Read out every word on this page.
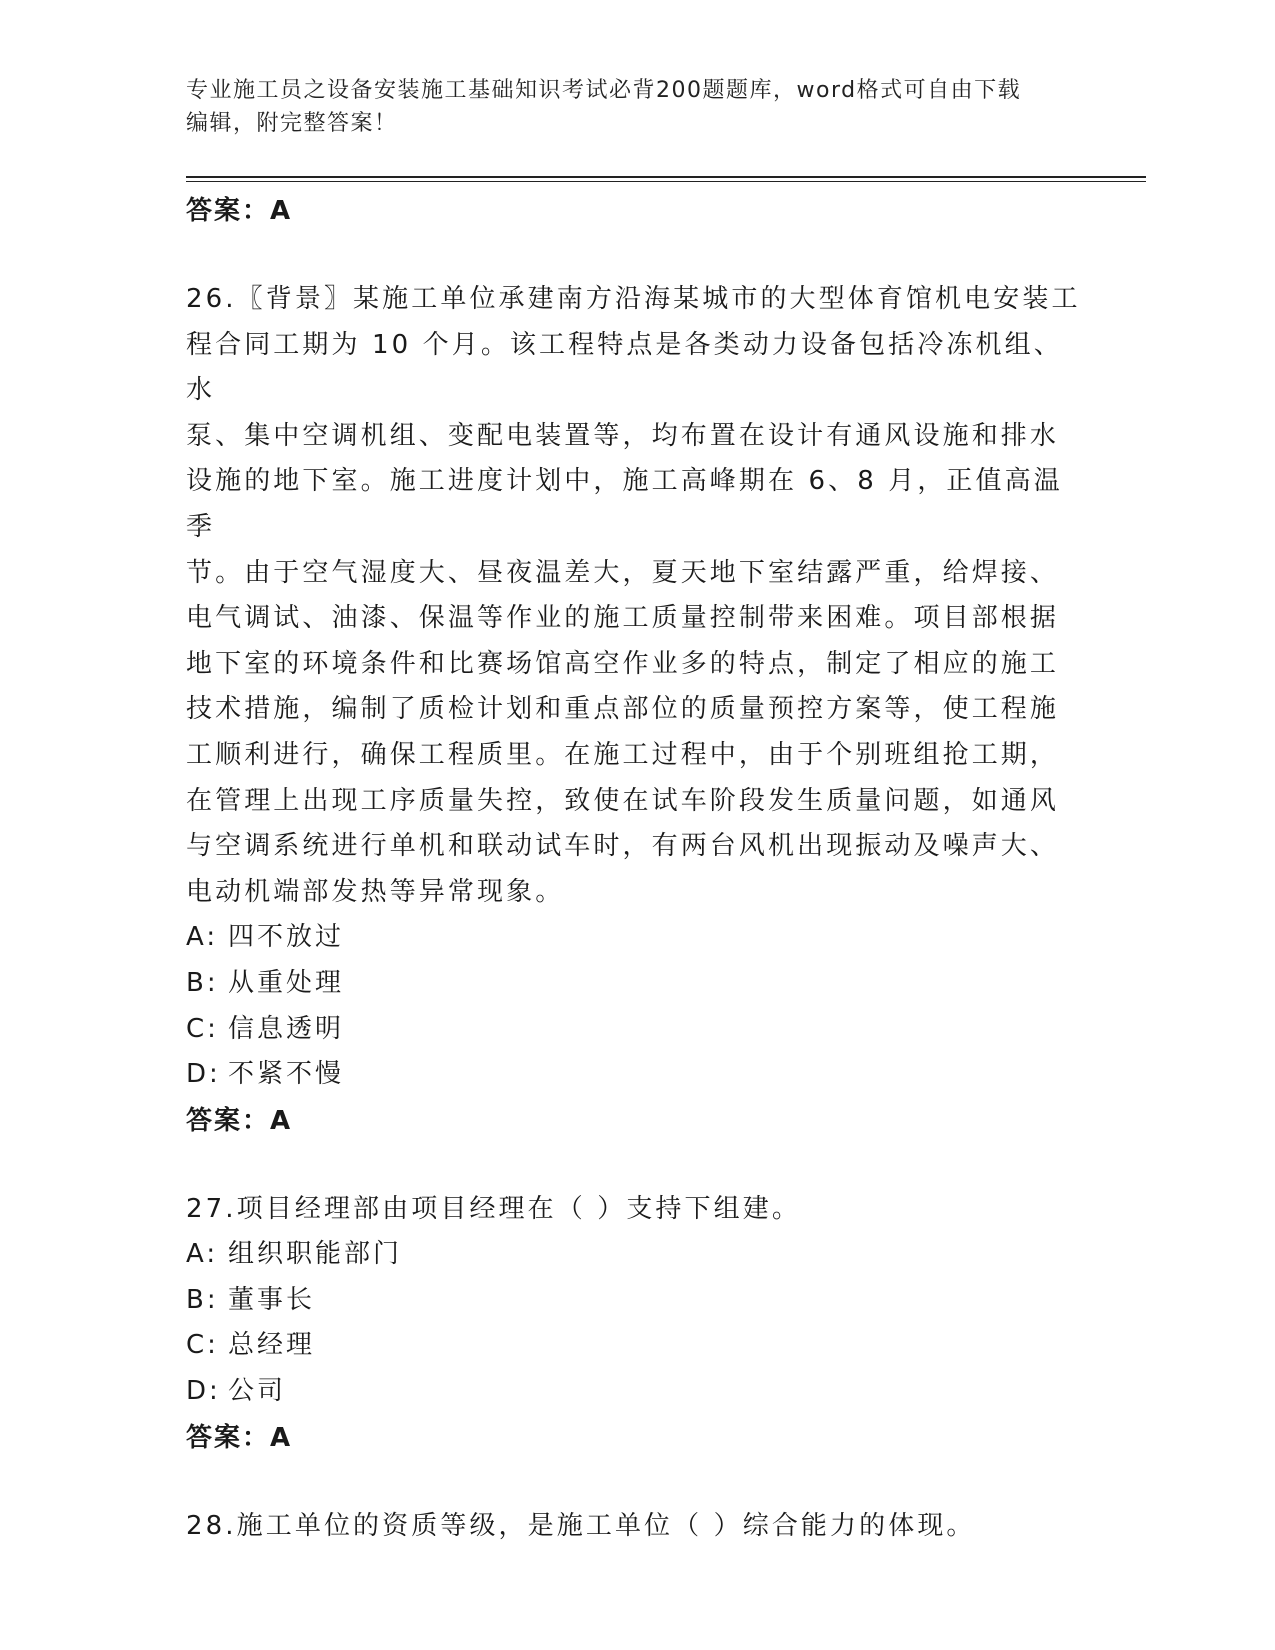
专业施工员之设备安装施工基础知识考试必背200题题库，word格式可自由下载
编辑，附完整答案！
答案：A
26.〖背景〗某施工单位承建南方沿海某城市的大型体育馆机电安装工
程合同工期为 10 个月。该工程特点是各类动力设备包括冷冻机组、水
泵、集中空调机组、变配电装置等，均布置在设计有通风设施和排水
设施的地下室。施工进度计划中，施工高峰期在 6、8 月，正值高温季
节。由于空气湿度大、昼夜温差大，夏天地下室结露严重，给焊接、
电气调试、油漆、保温等作业的施工质量控制带来困难。项目部根据
地下室的环境条件和比赛场馆高空作业多的特点，制定了相应的施工
技术措施，编制了质检计划和重点部位的质量预控方案等，使工程施
工顺利进行，确保工程质里。在施工过程中，由于个别班组抢工期，
在管理上出现工序质量失控，致使在试车阶段发生质量问题，如通风
与空调系统进行单机和联动试车时，有两台风机出现振动及噪声大、
电动机端部发热等异常现象。
A: 四不放过
B: 从重处理
C: 信息透明
D: 不紧不慢
答案：A
27.项目经理部由项目经理在（ ）支持下组建。
A: 组织职能部门
B: 董事长
C: 总经理
D: 公司
答案：A
28.施工单位的资质等级，是施工单位（ ）综合能力的体现。
